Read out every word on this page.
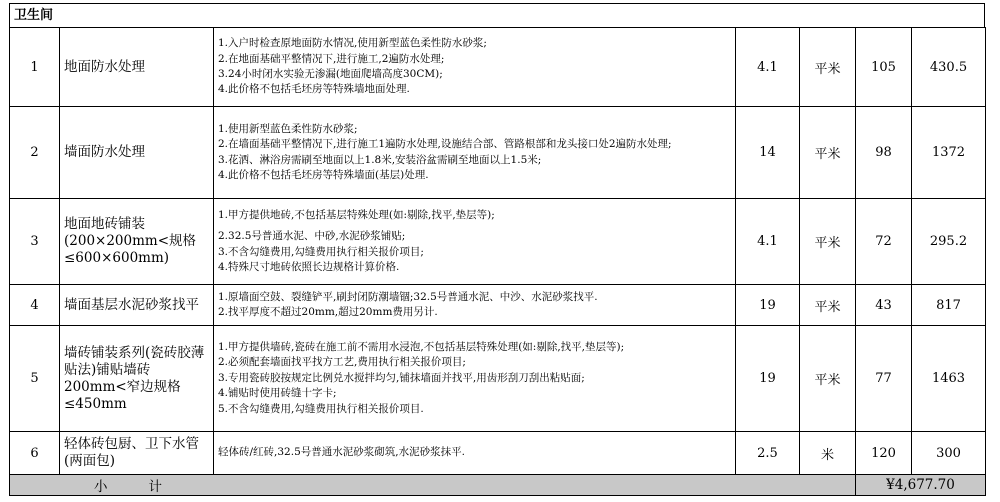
卫生间
1	地面防水处理	1.入户时检查原地面防水情况,使用新型蓝色柔性防水砂浆;
2.在地面基础平整情况下,进行施工,2遍防水处理;
3.24小时闭水实验无渗漏(地面爬墙高度30CM);
4.此价格不包括毛坯房等特殊墙地面处理.	4.1	平米	105	430.5
2	墙面防水处理	1.使用新型蓝色柔性防水砂浆;
2.在墙面基础平整情况下,进行施工1遍防水处理,设施结合部、管路根部和龙头接口处2遍防水处理;
3.花洒、淋浴房需刷至地面以上1.8米,安装浴盆需刷至地面以上1.5米;
4.此价格不包括毛坯房等特殊墙面(基层)处理.	14	平米	98	1372
3	地面地砖铺装(200×200mm<规格≤600×600mm)	1.甲方提供地砖,不包括基层特殊处理(如:剔除,找平,垫层等);
2.32.5号普通水泥、中砂,水泥砂浆铺贴;
3.不含勾缝费用,勾缝费用执行相关报价项目;
4.特殊尺寸地砖依照长边规格计算价格.	4.1	平米	72	295.2
4	墙面基层水泥砂浆找平	1.原墙面空鼓、裂缝铲平,刷封闭防潮墙锢;32.5号普通水泥、中沙、水泥砂浆找平.
2.找平厚度不超过20mm,超过20mm费用另计.	19	平米	43	817
5	墙砖铺装系列(瓷砖胶薄贴法)铺贴墙砖200mm<窄边规格≤450mm	1.甲方提供墙砖,瓷砖在施工前不需用水浸泡,不包括基层特殊处理(如:剔除,找平,垫层等);
2.必须配套墙面找平找方工艺,费用执行相关报价项目;
3.专用瓷砖胶按规定比例兑水搅拌均匀,铺抹墙面并找平,用齿形刮刀刮出粘贴面;
4.铺贴时使用砖缝十字卡;
5.不含勾缝费用,勾缝费用执行相关报价项目.	19	平米	77	1463
6	轻体砖包厨、卫下水管(两面包)	轻体砖/红砖,32.5号普通水泥砂浆砌筑,水泥砂浆抹平.	2.5	米	120	300
小 计					¥4,677.70	
